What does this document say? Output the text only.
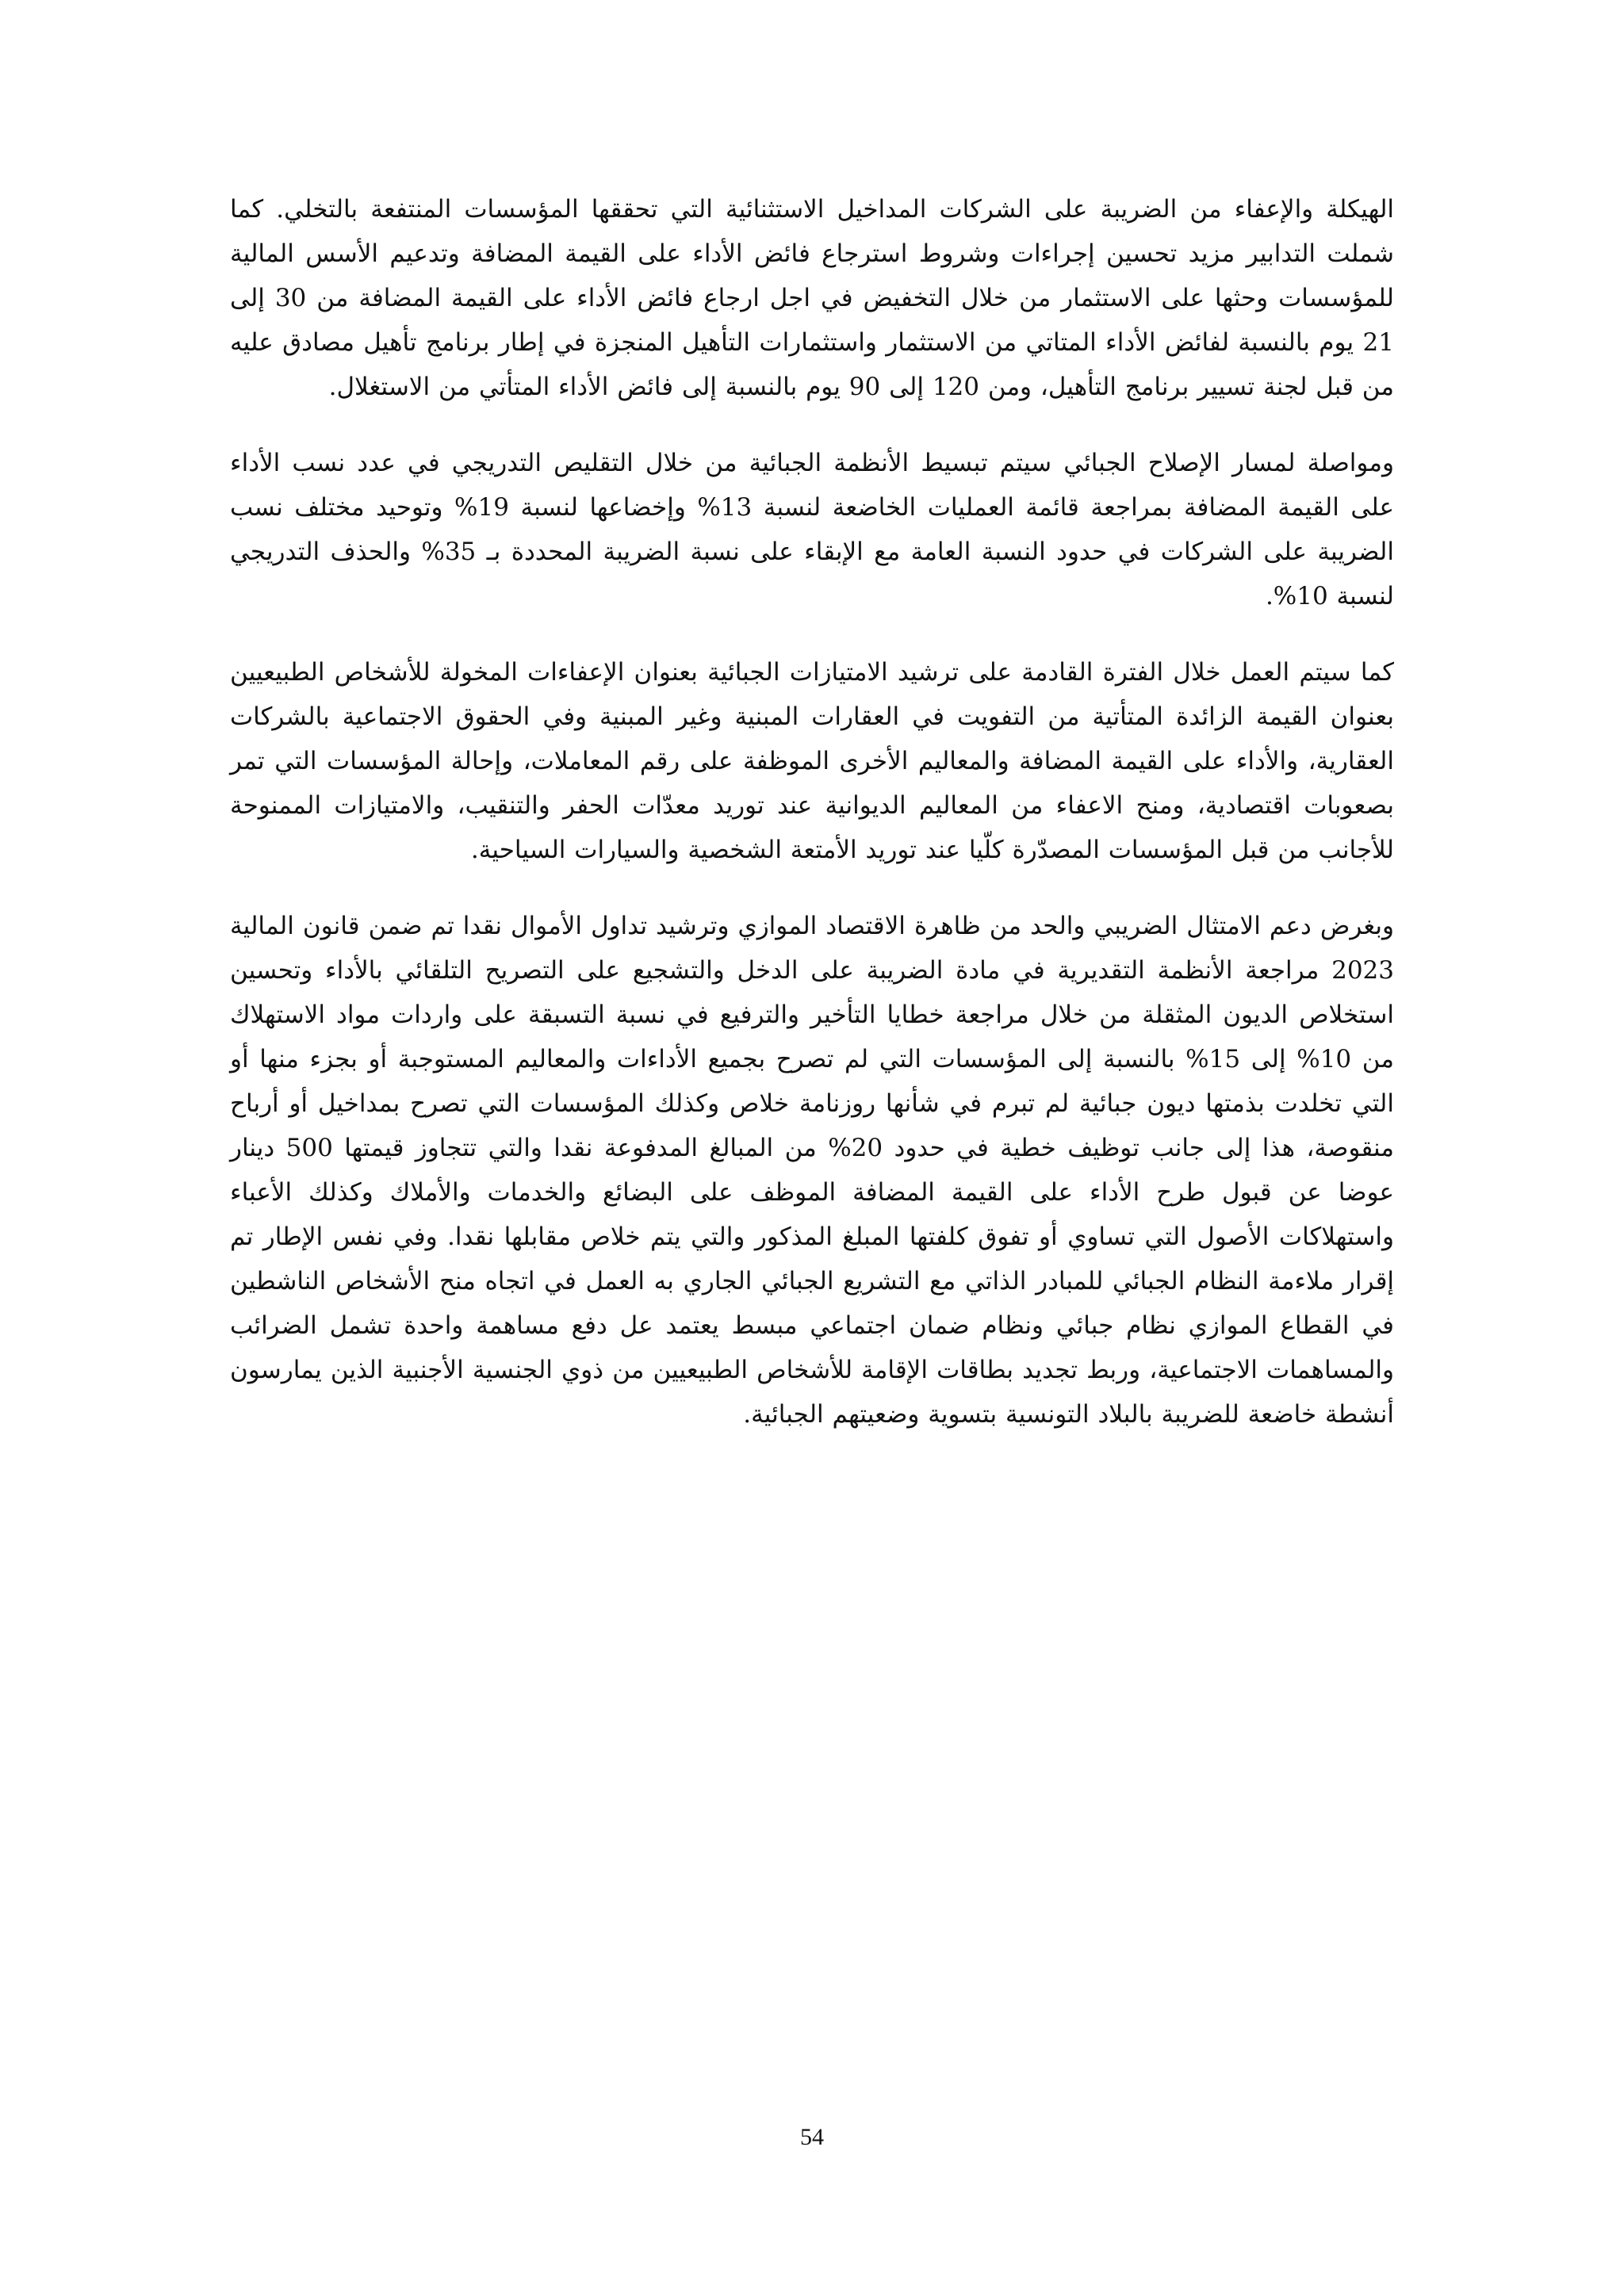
الهيكلة والإعفاء من الضريبة على الشركات المداخيل الاستثنائية التي تحققها المؤسسات المنتفعة بالتخلي. كما شملت التدابير مزيد تحسين إجراءات وشروط استرجاع فائض الأداء على القيمة المضافة وتدعيم الأسس المالية للمؤسسات وحثها على الاستثمار من خلال التخفيض في اجل ارجاع فائض الأداء على القيمة المضافة من 30 إلى 21 يوم بالنسبة لفائض الأداء المتاتي من الاستثمار واستثمارات التأهيل المنجزة في إطار برنامج تأهيل مصادق عليه من قبل لجنة تسيير برنامج التأهيل، ومن 120 إلى 90 يوم بالنسبة إلى فائض الأداء المتأتي من الاستغلال.

ومواصلة لمسار الإصلاح الجبائي سيتم تبسيط الأنظمة الجبائية من خلال التقليص التدريجي في عدد نسب الأداء على القيمة المضافة بمراجعة قائمة العمليات الخاضعة لنسبة 13% وإخضاعها لنسبة 19% وتوحيد مختلف نسب الضريبة على الشركات في حدود النسبة العامة مع الإبقاء على نسبة الضريبة المحددة بـ 35% والحذف التدريجي لنسبة 10%.

كما سيتم العمل خلال الفترة القادمة على ترشيد الامتيازات الجبائية بعنوان الإعفاءات المخولة للأشخاص الطبيعيين بعنوان القيمة الزائدة المتأتية من التفويت في العقارات المبنية وغير المبنية وفي الحقوق الاجتماعية بالشركات العقارية، والأداء على القيمة المضافة والمعاليم الأخرى الموظفة على رقم المعاملات، وإحالة المؤسسات التي تمر بصعوبات اقتصادية، ومنح الاعفاء من المعاليم الديوانية عند توريد معدّات الحفر والتنقيب، والامتيازات الممنوحة للأجانب من قبل المؤسسات المصدّرة كلّيا عند توريد الأمتعة الشخصية والسيارات السياحية.

وبغرض دعم الامتثال الضريبي والحد من ظاهرة الاقتصاد الموازي وترشيد تداول الأموال نقدا تم ضمن قانون المالية 2023 مراجعة الأنظمة التقديرية في مادة الضريبة على الدخل والتشجيع على التصريح التلقائي بالأداء وتحسين استخلاص الديون المثقلة من خلال مراجعة خطايا التأخير والترفيع في نسبة التسبقة على واردات مواد الاستهلاك من 10% إلى 15% بالنسبة إلى المؤسسات التي لم تصرح بجميع الأداءات والمعاليم المستوجبة أو بجزء منها أو التي تخلدت بذمتها ديون جبائية لم تبرم في شأنها روزنامة خلاص وكذلك المؤسسات التي تصرح بمداخيل أو أرباح منقوصة، هذا إلى جانب توظيف خطية في حدود 20% من المبالغ المدفوعة نقدا والتي تتجاوز قيمتها 500 دينار عوضا عن قبول طرح الأداء على القيمة المضافة الموظف على البضائع والخدمات والأملاك وكذلك الأعباء واستهلاكات الأصول التي تساوي أو تفوق كلفتها المبلغ المذكور والتي يتم خلاص مقابلها نقدا. وفي نفس الإطار تم إقرار ملاءمة النظام الجبائي للمبادر الذاتي مع التشريع الجبائي الجاري به العمل في اتجاه منح الأشخاص الناشطين في القطاع الموازي نظام جبائي ونظام ضمان اجتماعي مبسط يعتمد عل دفع مساهمة واحدة تشمل الضرائب والمساهمات الاجتماعية، وربط تجديد بطاقات الإقامة للأشخاص الطبيعيين من ذوي الجنسية الأجنبية الذين يمارسون أنشطة خاضعة للضريبة بالبلاد التونسية بتسوية وضعيتهم الجبائية.

54
